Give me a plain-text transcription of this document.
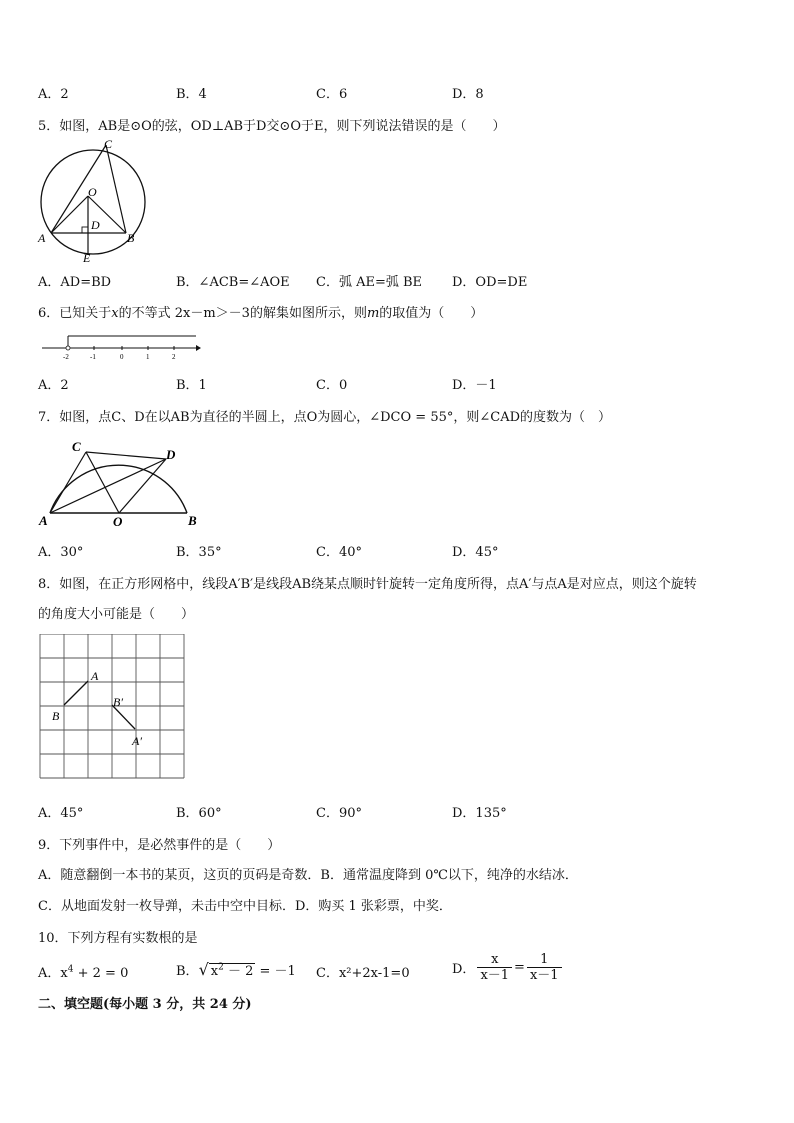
A．2	B．4	C．6	D．8
5．如图，AB是⊙O的弦，OD⊥AB于D交⊙O于E，则下列说法错误的是（　　）
C
O
D
A	B
E
A．AD=BD	B．∠ACB=∠AOE C．弧 AE=弧 BE D．OD=DE
6．已知关于x的不等式 2x－m＞－3的解集如图所示，则m的取值为（　　）
-2	-1	0	1	2
A．2	B．1	C．0	D．－1
7．如图，点C、D在以AB为直径的半圆上，点O为圆心，∠DCO = 55°，则∠CAD的度数为（　）
C
D
A	O	B
A．30°	B．35°	C．40°	D．45°
8．如图，在正方形网格中，线段A′B′是线段AB绕某点顺时针旋转一定角度所得，点A′与点A是对应点，则这个旋转
的角度大小可能是（　　）
A
B
B′
A′
A．45°	B．60°	C．90°	D．135°
9．下列事件中，是必然事件的是（　　）
A．随意翻倒一本书的某页，这页的页码是奇数．B．通常温度降到 0℃以下，纯净的水结冰．
C．从地面发射一枚导弹，未击中空中目标．D．购买 1 张彩票，中奖．
10．下列方程有实数根的是
A．$x^4 + 2 = 0$	B．√ $x^2 - 2 = -1$ C．x²+2x-1=0	D． $\frac{x}{x-1} = \frac{1}{x-1}$
二、填空题(每小题 3 分，共 24 分)
